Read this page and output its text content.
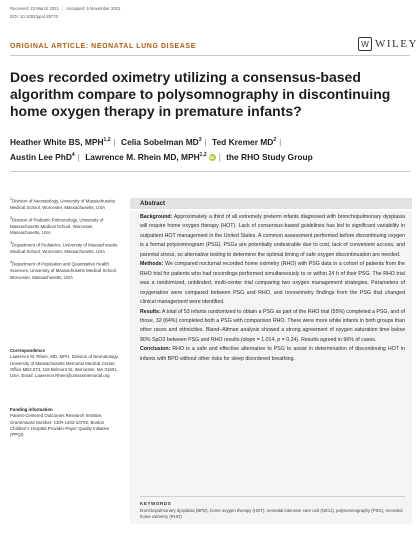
Received: 22 March 2021 | Accepted: 5 November 2021
DOI: 10.1002/ppul.25770
ORIGINAL ARTICLE: NEONATAL LUNG DISEASE	W WILEY
Does recorded oximetry utilizing a consensus-based algorithm compare to polysomnography in discontinuing home oxygen therapy in premature infants?
Heather White BS, MPH$^{1,2}$ | Celia Sobelman $MD^3$ | Ted Kremer $MD^2$ |
Austin Lee PhD$^4$ | Lawrence M. Rhein MD, MPH$^{1,2}$ iD | the RHO Study Group
$^1$Division of Neonatology, University of Massachusetts Medical School, Worcester, Massachusetts, USA
$^2$Division of Pediatric Pulmonology, University of Massachusetts Medical School, Worcester, Massachusetts, USA
$^3$Department of Pediatrics, University of Massachusetts Medical School, Worcester, Massachusetts, USA
$^4$Department of Population and Quantitative Health Sciences, University of Massachusetts Medical School, Worcester, Massachusetts, USA
Correspondence
Lawrence M. Rhein, MD, MPH, Division of Neonatology, University of Massachusetts Memorial Medical Center, Office MB2.074, 119 Belmont St, Worcester, MA 01601, USA. Email: Lawrence.Rhein@umassmemorial.org
Funding information
Patient-Centered Outcomes Research Institute, Grant/Award Number: CER-1402-10792; Boston Children's Hospital Provider-Payer Quality Initiative (PPQI)
Abstract

Background: Approximately a third of all extremely preterm infants diagnosed with bronchopulmonary dysplasia will require home oxygen therapy (HOT). Lack of consensus-based guidelines has led to significant variability in outpatient HOT management in the United States. A common assessment performed before discontinuing oxygen is a formal polysomnogram (PSG). PSGs are potentially undesirable due to cost, lack of convenient access, and parental stress, so alternative testing to determine the optimal timing of safe oxygen discontinuation are needed.
Methods: We compared nocturnal recorded home oximetry (RHO) with PSG data in a cohort of patients from the RHO trial for patients who had recordings performed simultaneously to or within 24 h of their PSG. The RHO trial was a randomized, unblinded, multi-center trial comparing two oxygen management strategies. Parameters of oxygenation were compared between PSG and RHO, and nonoximetry findings from the PSG that changed clinical management were identified.
Results: A total of 53 infants randomized to obtain a PSG as part of the RHO trial (55%) completed a PSG, and of those, 32 (64%) completed both a PSG with comparison RHO. There were more white infants in both groups than other races and ethnicities. Bland–Altman analysis showed a strong agreement of oxygen saturation time below 90% SpO2 between PSG and RHO results (slope = 1.014, p = 0.24). Results agreed in 96% of cases.
Conclusion: RHO is a safe and effective alternative to PSG to assist in determination of discontinuing HOT in infants with BPD without other risks for sleep disordered breathing.

KEYWORDS

bronchopulmonary dysplasia (BPD), home oxygen therapy (HOT), neonatal intensive care unit (NICU), polysomnography (PSG), recorded home oximetry (RHO)
